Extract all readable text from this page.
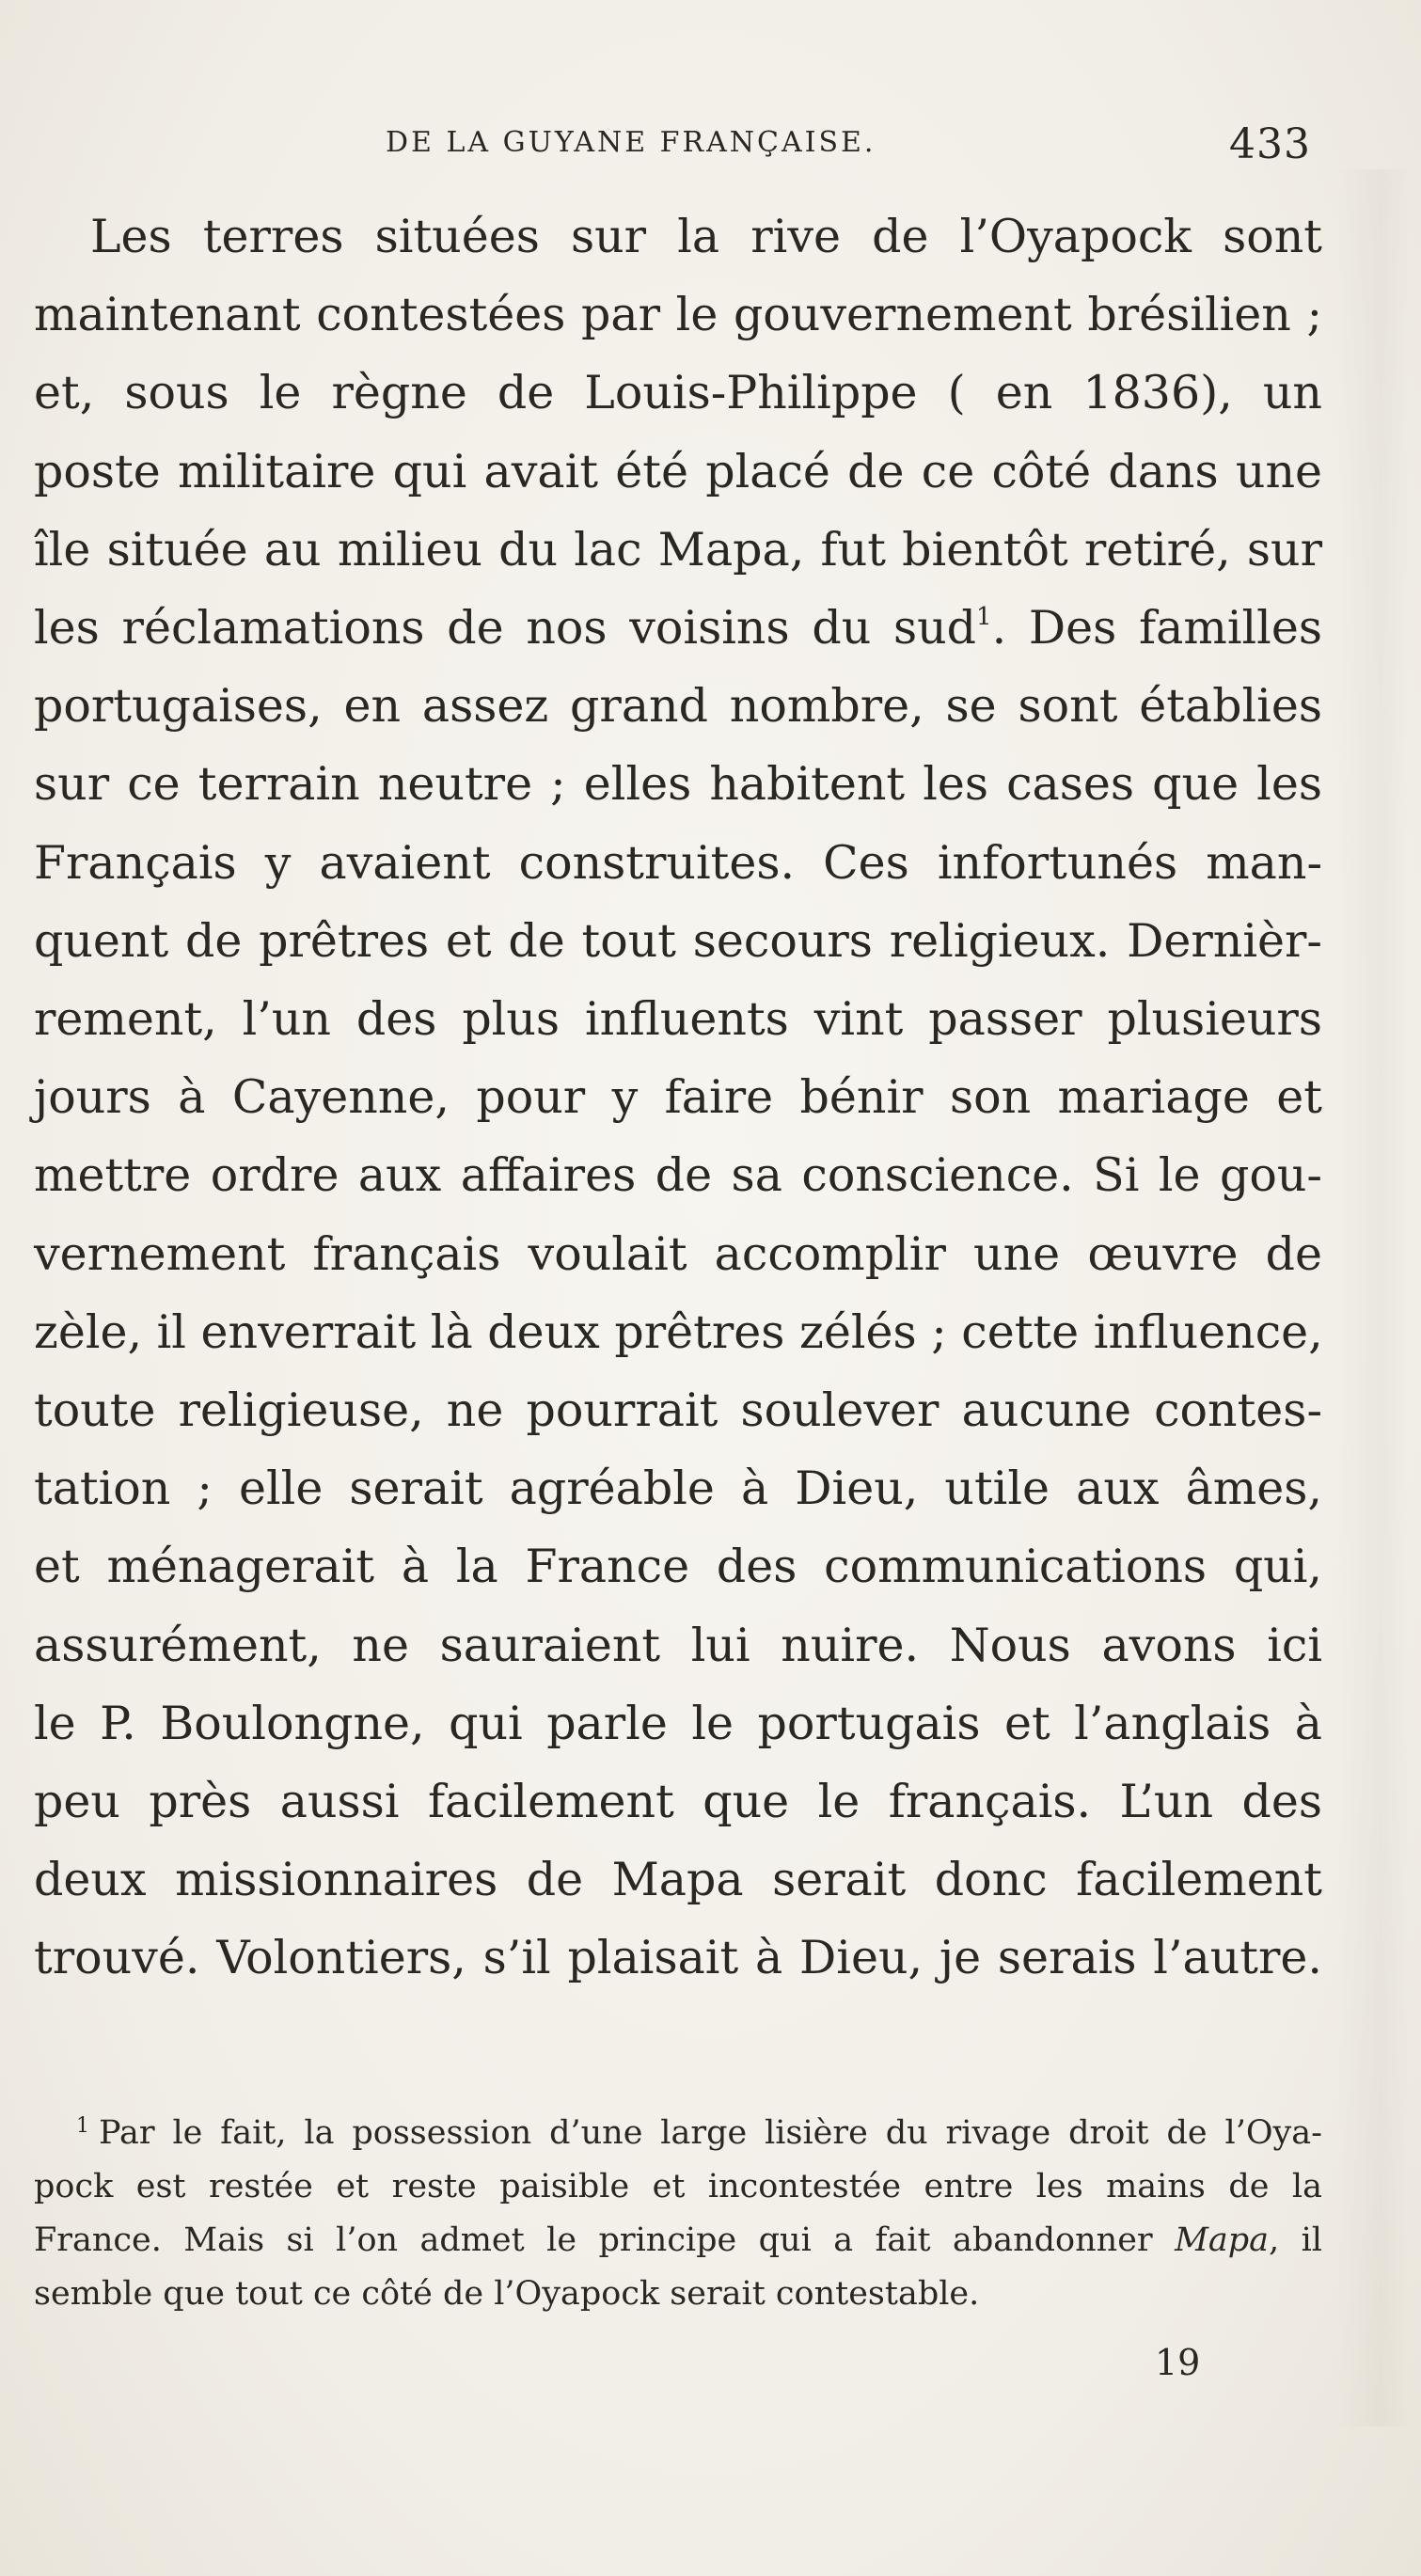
DE LA GUYANE FRANÇAISE.	433
Les terres situées sur la rive de l’Oyapock sont
maintenant contestées par le gouvernement brésilien ;
et, sous le règne de Louis-Philippe ( en 1836), un
poste militaire qui avait été placé de ce côté dans une
île située au milieu du lac Mapa, fut bientôt retiré, sur
les réclamations de nos voisins du sud$^1$. Des familles
portugaises, en assez grand nombre, se sont établies
sur ce terrain neutre ; elles habitent les cases que les
Français y avaient construites. Ces infortunés man-
quent de prêtres et de tout secours religieux. Dernièr-
rement, l’un des plus influents vint passer plusieurs
jours à Cayenne, pour y faire bénir son mariage et
mettre ordre aux affaires de sa conscience. Si le gou-
vernement français voulait accomplir une œuvre de
zèle, il enverrait là deux prêtres zélés ; cette influence,
toute religieuse, ne pourrait soulever aucune contes-
tation ; elle serait agréable à Dieu, utile aux âmes,
et ménagerait à la France des communications qui,
assurément, ne sauraient lui nuire. Nous avons ici
le P. Boulongne, qui parle le portugais et l’anglais à
peu près aussi facilement que le français. L’un des
deux missionnaires de Mapa serait donc facilement
trouvé. Volontiers, s’il plaisait à Dieu, je serais l’autre.
$^1$ Par le fait, la possession d’une large lisière du rivage droit de l’Oya-
pock est restée et reste paisible et incontestée entre les mains de la
France. Mais si l’on admet le principe qui a fait abandonner Mapa, il
semble que tout ce côté de l’Oyapock serait contestable.
19
